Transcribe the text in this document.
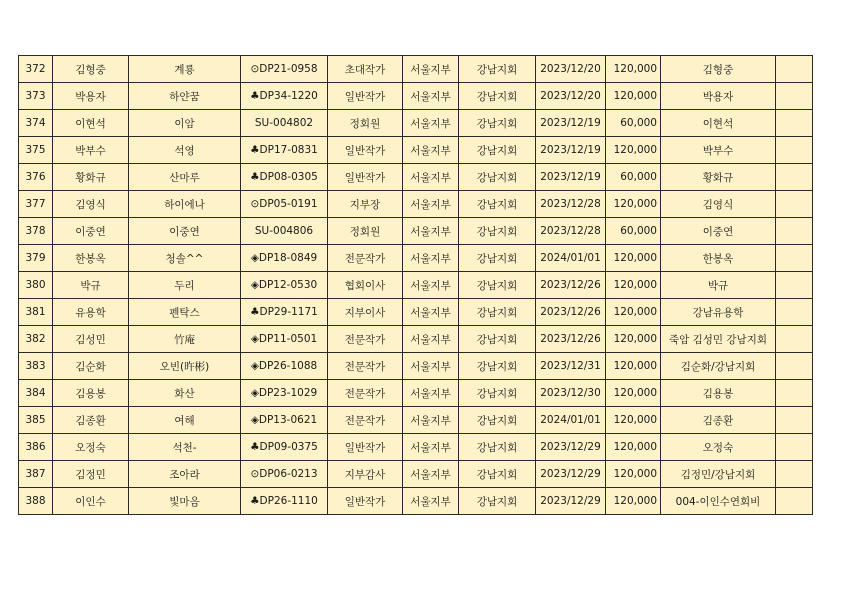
372	김형중	계룡	⊙DP21-0958	초대작가	서울지부	강남지회	2023/12/20	120,000	김형중	
373	박용자	하얀꿈	♣DP34-1220	일반작가	서울지부	강남지회	2023/12/20	120,000	박용자	
374	이현석	이암	SU-004802	정회원	서울지부	강남지회	2023/12/19	60,000	이현석	
375	박부수	석영	♣DP17-0831	일반작가	서울지부	강남지회	2023/12/19	120,000	박부수	
376	황화규	산마루	♣DP08-0305	일반작가	서울지부	강남지회	2023/12/19	60,000	황화규	
377	김영식	하이에나	⊙DP05-0191	지부장	서울지부	강남지회	2023/12/28	120,000	김영식	
378	이중연	이중연	SU-004806	정회원	서울지부	강남지회	2023/12/28	60,000	이중연	
379	한봉옥	청솔^^	◈DP18-0849	전문작가	서울지부	강남지회	2024/01/01	120,000	한봉옥	
380	박규	두리	◈DP12-0530	협회이사	서울지부	강남지회	2023/12/26	120,000	박규	
381	유용학	펜탁스	♣DP29-1171	지부이사	서울지부	강남지회	2023/12/26	120,000	강남유용학	
382	김성민	竹庵	◈DP11-0501	전문작가	서울지부	강남지회	2023/12/26	120,000	죽암 김성민 강남지회	
383	김순화	오빈(旿彬)	◈DP26-1088	전문작가	서울지부	강남지회	2023/12/31	120,000	김순화/강남지회	
384	김용봉	화산	◈DP23-1029	전문작가	서울지부	강남지회	2023/12/30	120,000	김용봉	
385	김종환	여해	◈DP13-0621	전문작가	서울지부	강남지회	2024/01/01	120,000	김종환	
386	오정숙	석천-	♣DP09-0375	일반작가	서울지부	강남지회	2023/12/29	120,000	오정숙	
387	김정민	조아라	⊙DP06-0213	지부감사	서울지부	강남지회	2023/12/29	120,000	김정민/강남지회	
388	이인수	빛마음	♣DP26-1110	일반작가	서울지부	강남지회	2023/12/29	120,000	004-이인수연회비	
